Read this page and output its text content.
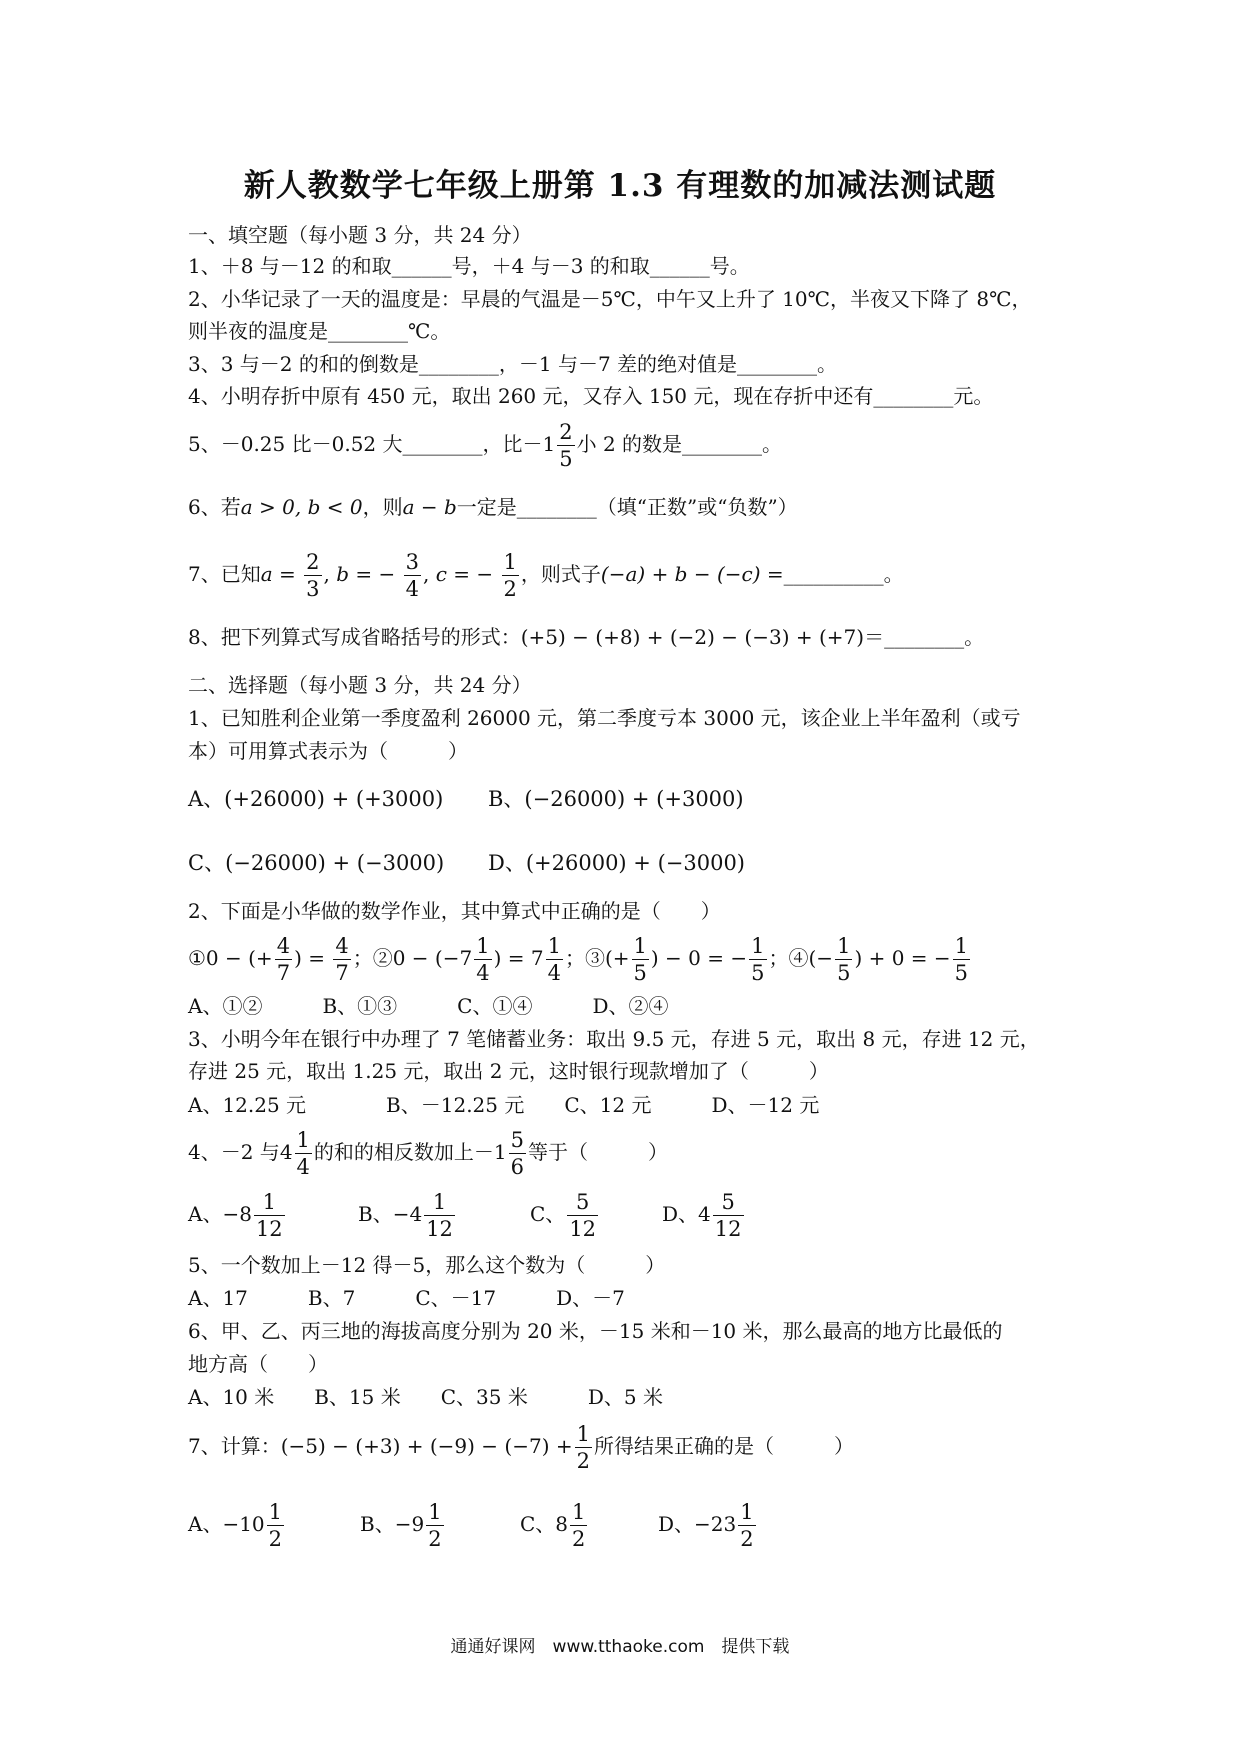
新人教数学七年级上册第 1.3 有理数的加减法测试题
一、填空题（每小题 3 分，共 24 分）
1、＋8 与－12 的和取______号，＋4 与－3 的和取______号。
2、小华记录了一天的温度是：早晨的气温是－5℃，中午又上升了 10℃，半夜又下降了 8℃，
则半夜的温度是________℃。
3、3 与－2 的和的倒数是________，－1 与－7 差的绝对值是________。
4、小明存折中原有 450 元，取出 260 元，又存入 150 元，现在存折中还有________元。
5、－0.25 比－0.52 大________，比$-1 \frac{2}{5}$ 小 2 的数是________。
6、若a > 0, b < 0，则a − b一定是________（填“正数”或“负数”）
7、已知$a = \frac{2}{3}$ , b = − $\frac{3}{4}$ , c = − $\frac{1}{2}$ ，则式子(−a) + b − (−c) =__________。
8、把下列算式写成省略括号的形式：(+5) − (+8) + (−2) − (−3) + (+7)＝________。
二、选择题（每小题 3 分，共 24 分）
1、已知胜利企业第一季度盈利 26000 元，第二季度亏本 3000 元，该企业上半年盈利（或亏
本）可用算式表示为（　　　）
A、(+26000) + (+3000) B、(−26000) + (+3000)
C、(−26000) + (−3000) D、(+26000) + (−3000)
2、下面是小华做的数学作业，其中算式中正确的是（　　）
①0 − (+ $\frac{4}{7}$ ) = $\frac{4}{7}$ ；②0 − ($-7 \frac{1}{4}$ ) = $7 \frac{1}{4}$ ；③(+ $\frac{1}{5}$ ) − 0 = − $\frac{1}{5}$ ；④(− $\frac{1}{5}$ ) + 0 = − $\frac{1}{5}$
A、①②　　　B、①③　　　C、①④　　　D、②④
3、小明今年在银行中办理了 7 笔储蓄业务：取出 9.5 元，存进 5 元，取出 8 元，存进 12 元，
存进 25 元，取出 1.25 元，取出 2 元，这时银行现款增加了（　　　）
A、12.25 元　　　　B、－12.25 元　　C、12 元　　　D、－12 元
4、－2 与$4 \frac{1}{4}$ 的和的相反数加上$-1 \frac{5}{6}$ 等于（　　　）
A、$-8 \frac{1}{12}$	B、$-4 \frac{1}{12}$	C、 $\frac{5}{12}$	D、$4 \frac{5}{12}$
5、一个数加上－12 得－5，那么这个数为（　　　）
A、17　　　B、7　　　C、－17　　　D、－7
6、甲、乙、丙三地的海拔高度分别为 20 米，－15 米和－10 米，那么最高的地方比最低的
地方高（　　）
A、10 米　　B、15 米　　C、35 米　　　D、5 米
7、计算：$(-5) - (+3) + (-9) - (-7) + \frac{1}{2}$ 所得结果正确的是（　　　）
A、$-10 \frac{1}{2}$	B、$-9 \frac{1}{2}$	C、$8 \frac{1}{2}$	D、$-23 \frac{1}{2}$
通通好课网　www.tthaoke.com　提供下载
